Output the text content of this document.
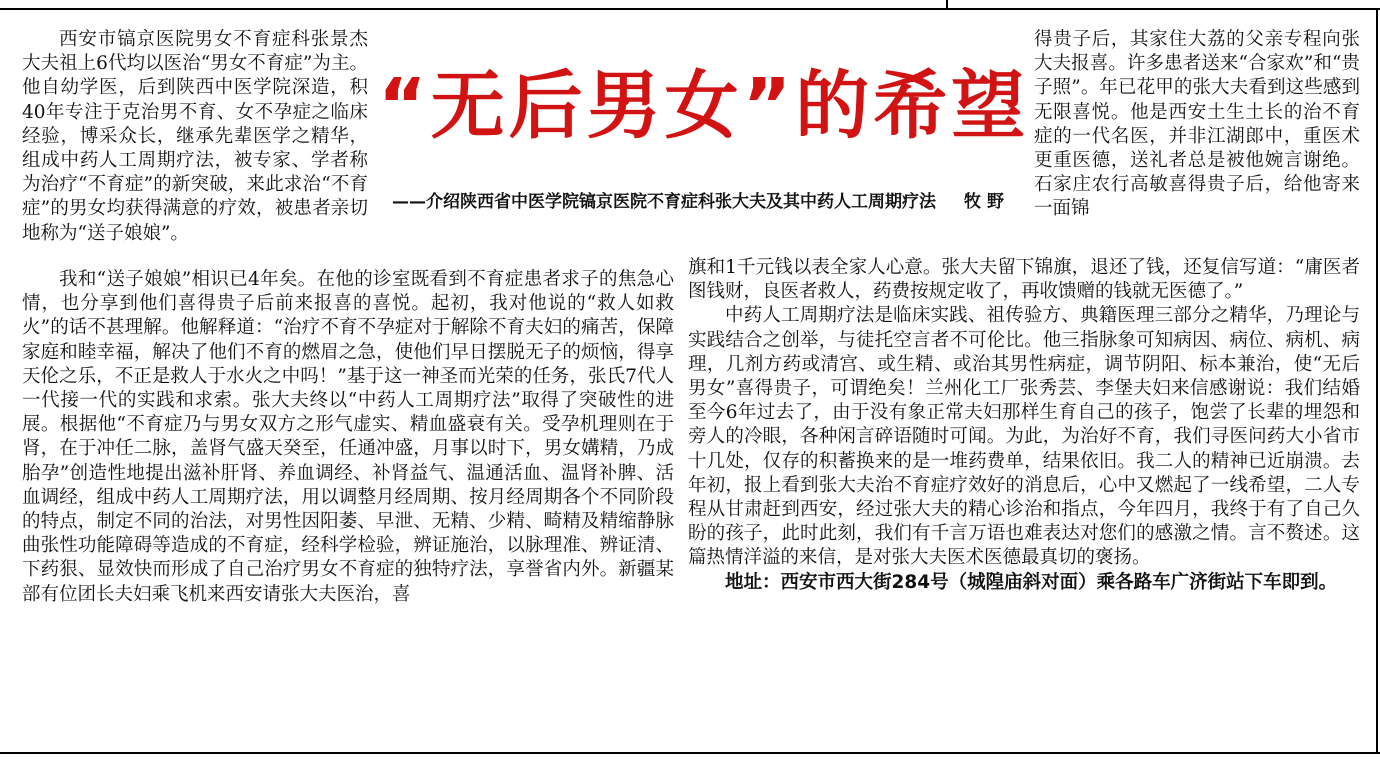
“无后男女”的希望
——介绍陕西省中医学院镐京医院不育症科张大夫及其中药人工周期疗法 牧野

西安市镐京医院男女不育症科张景杰大夫祖上6代均以医治“男女不育症”为主。他自幼学医，后到陕西中医学院深造，积40年专注于克治男不育、女不孕症之临床经验，博采众长，继承先辈医学之精华，组成中药人工周期疗法，被专家、学者称为治疗“不育症”的新突破，来此求治“不育症”的男女均获得满意的疗效，被患者亲切地称为“送子娘娘”。

得贵子后，其家住大荔的父亲专程向张大夫报喜。许多患者送来“合家欢”和“贵子照”。年已花甲的张大夫看到这些感到无限喜悦。他是西安土生土长的治不育症的一代名医，并非江湖郎中，重医术更重医德，送礼者总是被他婉言谢绝。石家庄农行高敏喜得贵子后，给他寄来一面锦

我和“送子娘娘”相识已4年矣。在他的诊室既看到不育症患者求子的焦急心情，也分享到他们喜得贵子后前来报喜的喜悦。起初，我对他说的“救人如救火”的话不甚理解。他解释道：“治疗不育不孕症对于解除不育夫妇的痛苦，保障家庭和睦幸福，解决了他们不育的燃眉之急，使他们早日摆脱无子的烦恼，得享天伦之乐，不正是救人于水火之中吗！”基于这一神圣而光荣的任务，张氏7代人一代接一代的实践和求索。张大夫终以“中药人工周期疗法”取得了突破性的进展。根据他“不育症乃与男女双方之形气虚实、精血盛衰有关。受孕机理则在于肾，在于冲任二脉，盖肾气盛天癸至，任通冲盛，月事以时下，男女媾精，乃成胎孕”创造性地提出滋补肝肾、养血调经、补肾益气、温通活血、温肾补脾、活血调经，组成中药人工周期疗法，用以调整月经周期、按月经周期各个不同阶段的特点，制定不同的治法，对男性因阳萎、早泄、无精、少精、畸精及精缩静脉曲张性功能障碍等造成的不育症，经科学检验，辨证施治，以脉理准、辨证清、下药狠、显效快而形成了自己治疗男女不育症的独特疗法，享誉省内外。新疆某部有位团长夫妇乘飞机来西安请张大夫医治，喜

旗和1千元钱以表全家人心意。张大夫留下锦旗，退还了钱，还复信写道：“庸医者图钱财，良医者救人，药费按规定收了，再收馈赠的钱就无医德了。”

中药人工周期疗法是临床实践、祖传验方、典籍医理三部分之精华，乃理论与实践结合之创举，与徒托空言者不可伦比。他三指脉象可知病因、病位、病机、病理，几剂方药或清宫、或生精、或治其男性病症，调节阴阳、标本兼治，使“无后男女”喜得贵子，可谓绝矣！兰州化工厂张秀芸、李堡夫妇来信感谢说：我们结婚至今6年过去了，由于没有象正常夫妇那样生育自己的孩子，饱尝了长辈的埋怨和旁人的冷眼，各种闲言碎语随时可闻。为此，为治好不育，我们寻医问药大小省市十几处，仅存的积蓄换来的是一堆药费单，结果依旧。我二人的精神已近崩溃。去年初，报上看到张大夫治不育症疗效好的消息后，心中又燃起了一线希望，二人专程从甘肃赶到西安，经过张大夫的精心诊治和指点，今年四月，我终于有了自己久盼的孩子，此时此刻，我们有千言万语也难表达对您们的感激之情。言不赘述。这篇热情洋溢的来信，是对张大夫医术医德最真切的褒扬。

地址：西安市西大街284号（城隍庙斜对面）乘各路车广济街站下车即到。
